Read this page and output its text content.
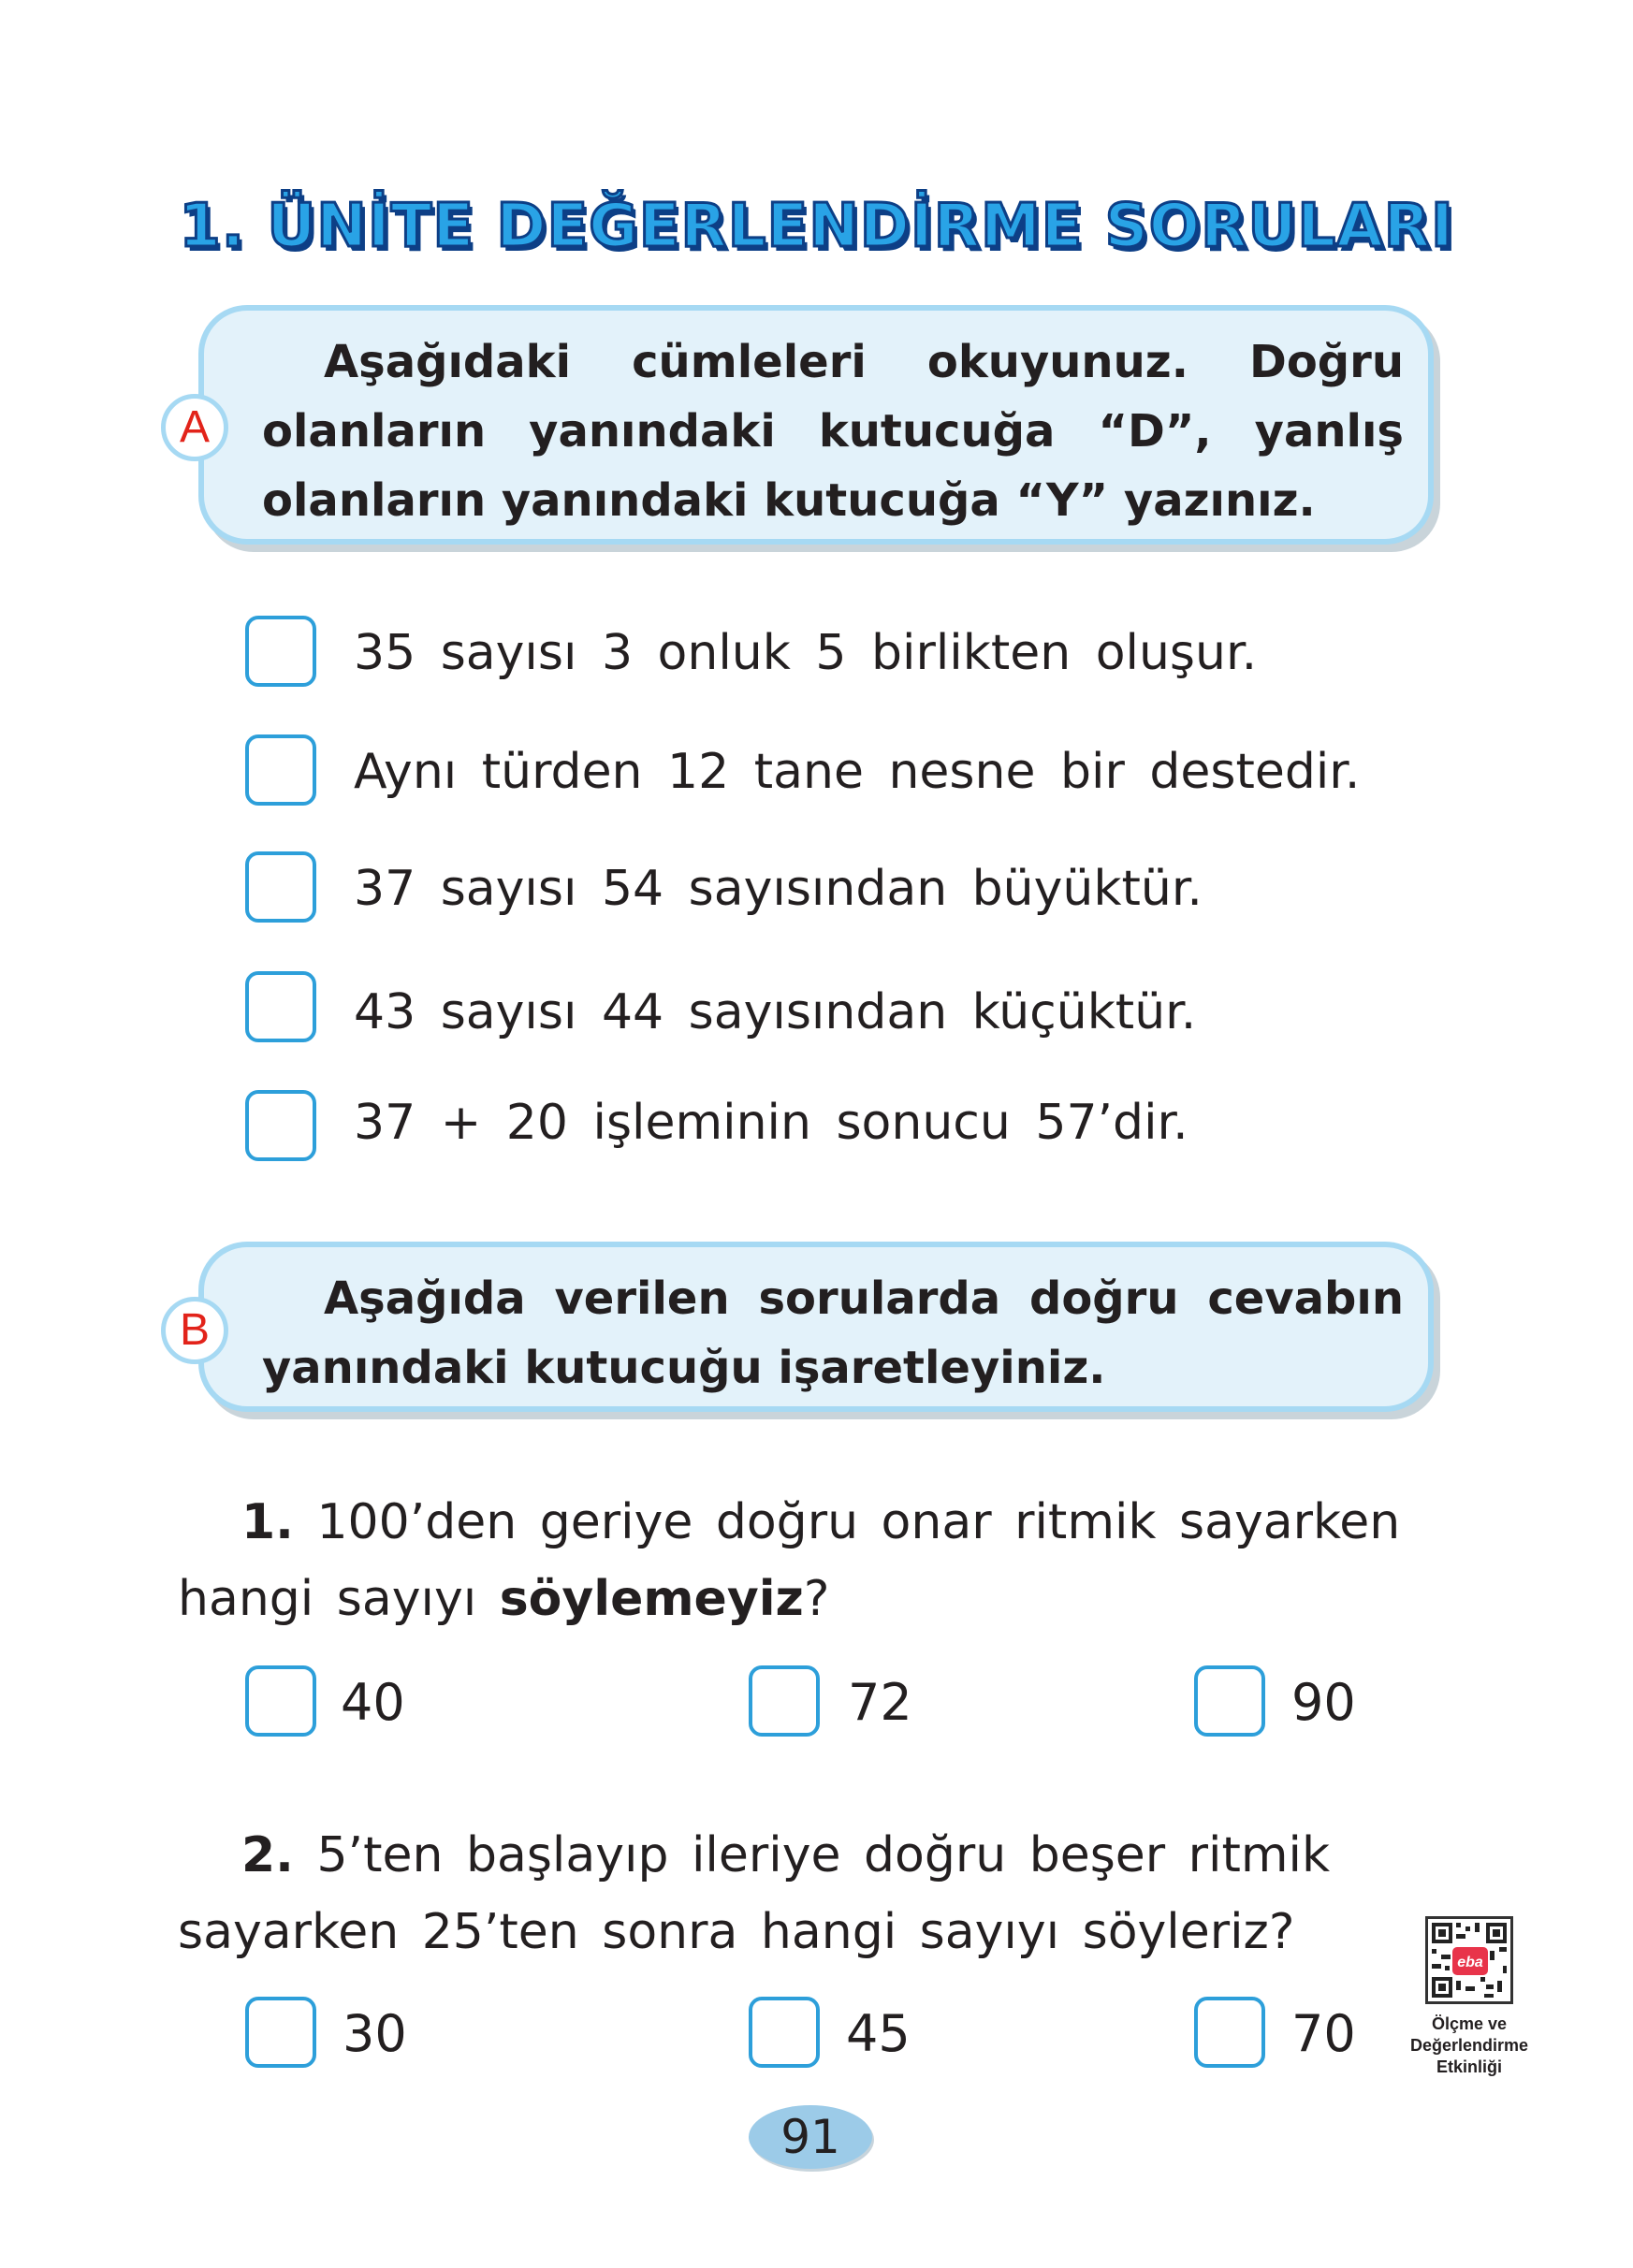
1. ÜNİTE DEĞERLENDİRME SORULARI
Aşağıdaki cümleleri okuyunuz. Doğru olanların yanındaki kutucuğa “D”, yanlış olanların yanındaki kutucuğa “Y” yazınız.
A
35 sayısı 3 onluk 5 birlikten oluşur.
Aynı türden 12 tane nesne bir destedir.
37 sayısı 54 sayısından büyüktür.
43 sayısı 44 sayısından küçüktür.
37 + 20 işleminin sonucu 57’dir.
Aşağıda verilen sorularda doğru cevabın yanındaki kutucuğu işaretleyiniz.
B
1. 100’den geriye doğru onar ritmik sayarken hangi sayıyı söylemeyiz?
40	72	90
2. 5’ten başlayıp ileriye doğru beşer ritmik sayarken 25’ten sonra hangi sayıyı söyleriz?
30	45	70
eba
Ölçme ve
Değerlendirme
Etkinliği
91
